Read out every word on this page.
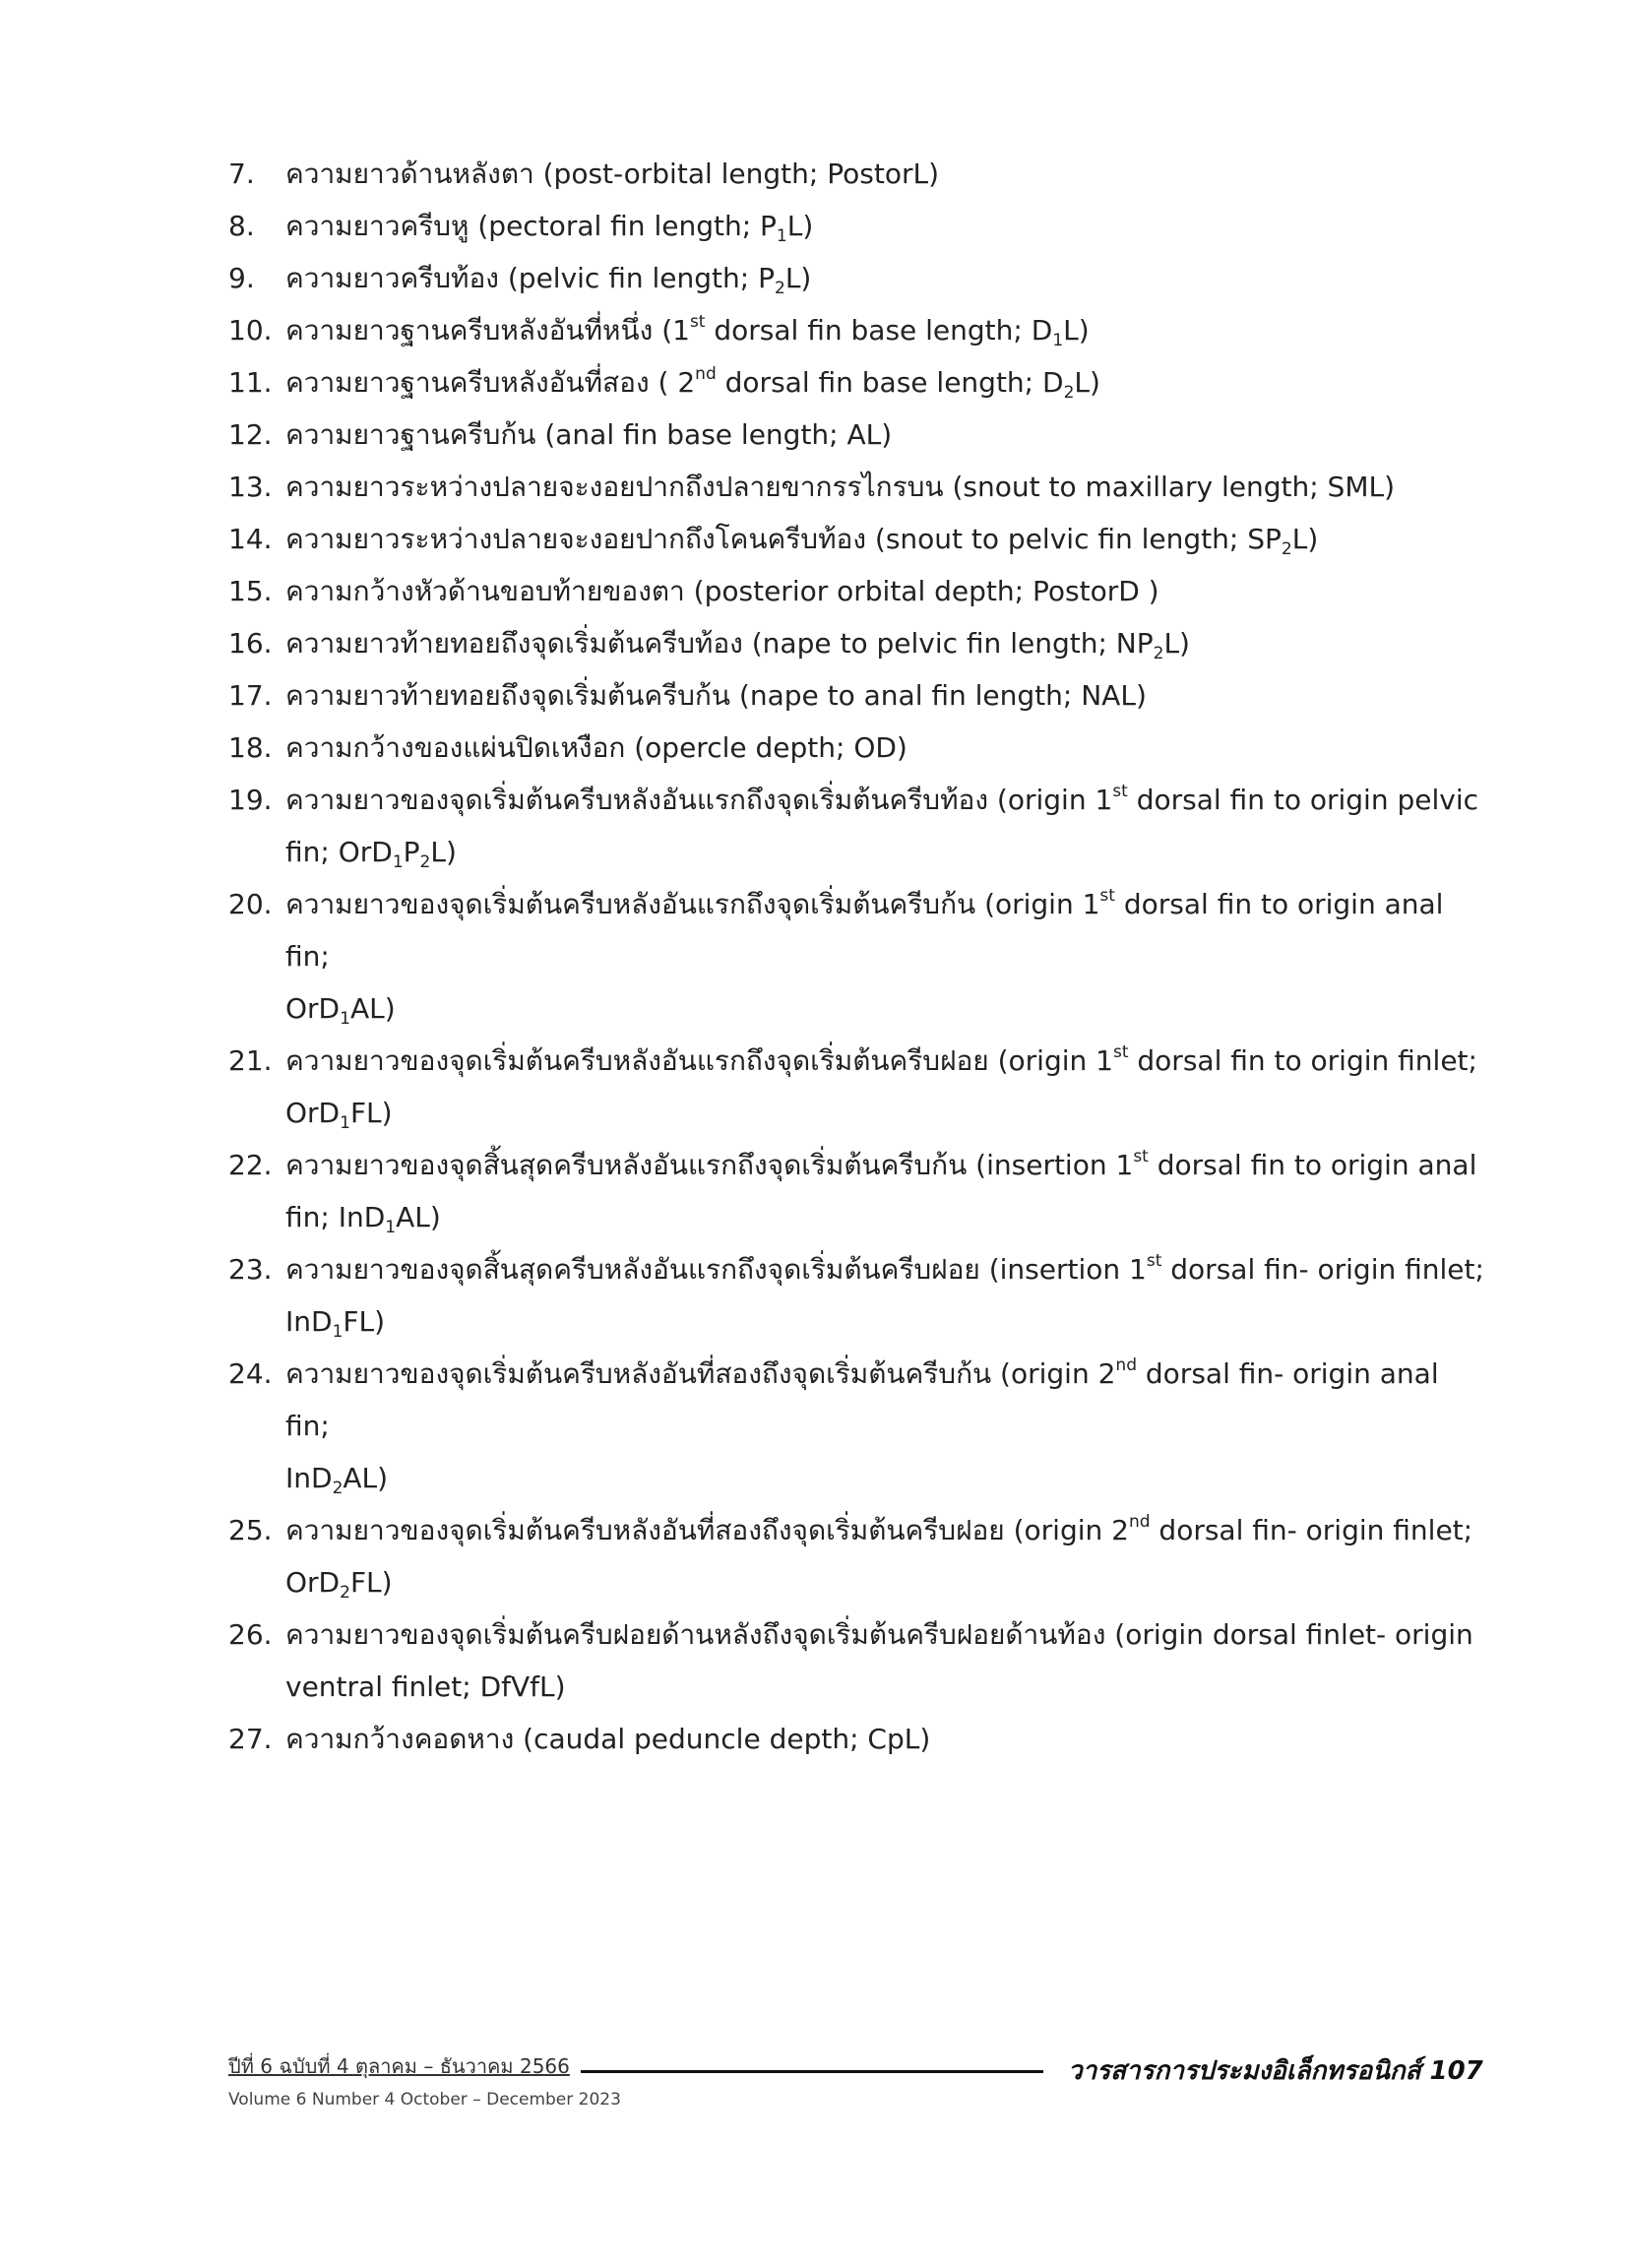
7.	ความยาวด้านหลังตา (post-orbital length; PostorL)
8.	ความยาวครีบหู (pectoral fin length; $P_1L$)
9.	ความยาวครีบท้อง (pelvic fin length; $P_2L$)
10. ความยาวฐานครีบหลังอันที่หนึ่ง (1st dorsal fin base length; $D_1L$)
11. ความยาวฐานครีบหลังอันที่สอง ( 2nd dorsal fin base length; $D_2L$)
12. ความยาวฐานครีบก้น (anal fin base length; AL)
13. ความยาวระหว่างปลายจะงอยปากถึงปลายขากรรไกรบน (snout to maxillary length; SML)
14. ความยาวระหว่างปลายจะงอยปากถึงโคนครีบท้อง (snout to pelvic fin length; $SP_2L$)
15. ความกว้างหัวด้านขอบท้ายของตา (posterior orbital depth; PostorD )
16. ความยาวท้ายทอยถึงจุดเริ่มต้นครีบท้อง (nape to pelvic fin length; $NP_2L$)
17. ความยาวท้ายทอยถึงจุดเริ่มต้นครีบก้น (nape to anal fin length; NAL)
18. ความกว้างของแผ่นปิดเหงือก (opercle depth; OD)
19. ความยาวของจุดเริ่มต้นครีบหลังอันแรกถึงจุดเริ่มต้นครีบท้อง (origin 1st dorsal fin to origin pelvic
fin; $OrD_1P_2L$)
20. ความยาวของจุดเริ่มต้นครีบหลังอันแรกถึงจุดเริ่มต้นครีบก้น (origin 1st dorsal fin to origin anal fin;
OrD$_1$AL)
21. ความยาวของจุดเริ่มต้นครีบหลังอันแรกถึงจุดเริ่มต้นครีบฝอย (origin 1st dorsal fin to origin finlet;
OrD$_1$FL)
22. ความยาวของจุดสิ้นสุดครีบหลังอันแรกถึงจุดเริ่มต้นครีบก้น (insertion 1st dorsal fin to origin anal
fin; InD$_1$AL)
23. ความยาวของจุดสิ้นสุดครีบหลังอันแรกถึงจุดเริ่มต้นครีบฝอย (insertion 1st dorsal fin- origin finlet;
InD$_1$FL)
24. ความยาวของจุดเริ่มต้นครีบหลังอันที่สองถึงจุดเริ่มต้นครีบก้น (origin 2nd dorsal fin- origin anal fin;
InD$_2$AL)
25. ความยาวของจุดเริ่มต้นครีบหลังอันที่สองถึงจุดเริ่มต้นครีบฝอย (origin 2nd dorsal fin- origin finlet;
OrD$_2$FL)
26. ความยาวของจุดเริ่มต้นครีบฝอยด้านหลังถึงจุดเริ่มต้นครีบฝอยด้านท้อง (origin dorsal finlet- origin
ventral finlet; DfVfL)
27. ความกว้างคอดหาง (caudal peduncle depth; CpL)
ปีที่ 6 ฉบับที่ 4 ตุลาคม – ธันวาคม 2566
Volume 6 Number 4 October – December 2023
วารสารการประมงอิเล็กทรอนิกส์ 107
